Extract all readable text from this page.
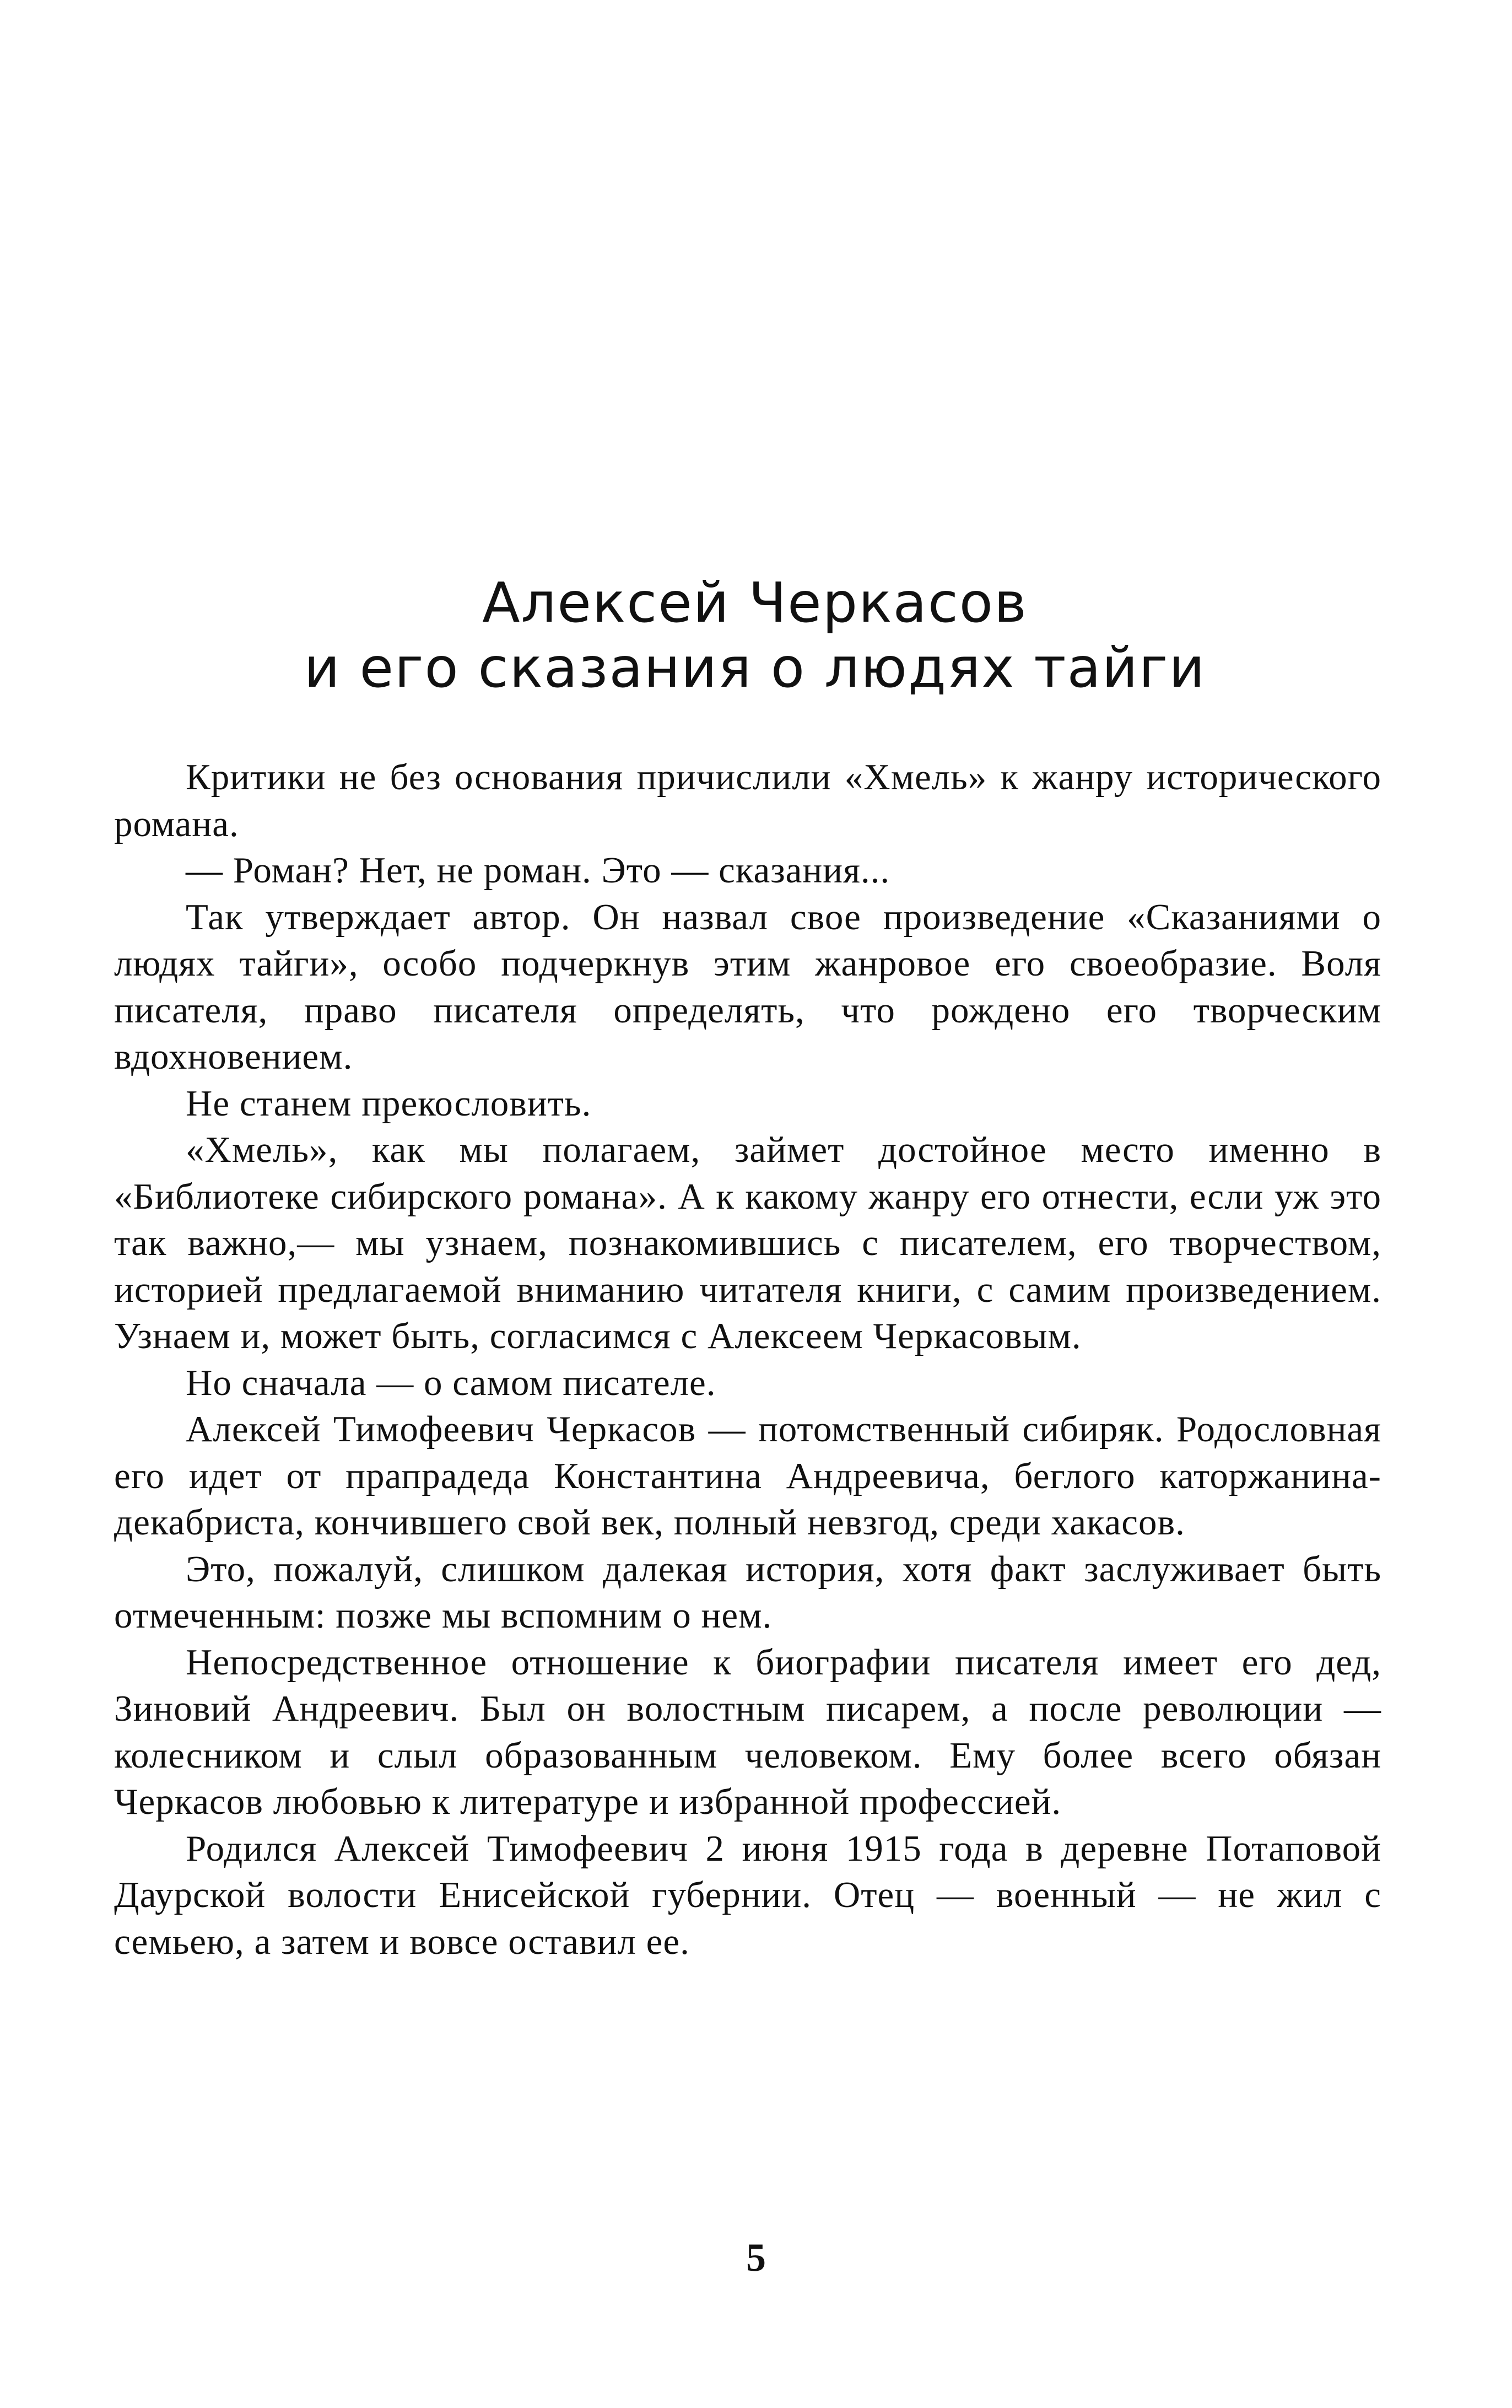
Алексей Черкасов
и его сказания о людях тайги

Критики не без основания причислили «Хмель» к жанру исторического романа.

— Роман? Нет, не роман. Это — сказания...

Так утверждает автор. Он назвал свое произведение «Сказаниями о людях тайги», особо подчеркнув этим жанровое его своеобразие. Воля писателя, право писателя определять, что рождено его творческим вдохновением.

Не станем прекословить.

«Хмель», как мы полагаем, займет достойное место именно в «Библиотеке сибирского романа». А к какому жанру его отнести, если уж это так важно,— мы узнаем, познакомившись с писателем, его творчеством, историей предлагаемой вниманию читателя книги, с самим произведением. Узнаем и, может быть, согласимся с Алексеем Черкасовым.

Но сначала — о самом писателе.

Алексей Тимофеевич Черкасов — потомственный сибиряк. Родословная его идет от прапрадеда Константина Андреевича, беглого каторжанина-декабриста, кончившего свой век, полный невзгод, среди хакасов.

Это, пожалуй, слишком далекая история, хотя факт заслуживает быть отмеченным: позже мы вспомним о нем.

Непосредственное отношение к биографии писателя имеет его дед, Зиновий Андреевич. Был он волостным писарем, а после революции — колесником и слыл образованным человеком. Ему более всего обязан Черкасов любовью к литературе и избранной профессией.

Родился Алексей Тимофеевич 2 июня 1915 года в деревне Потаповой Даурской волости Енисейской губернии. Отец — военный — не жил с семьею, а затем и вовсе оставил ее.

5
